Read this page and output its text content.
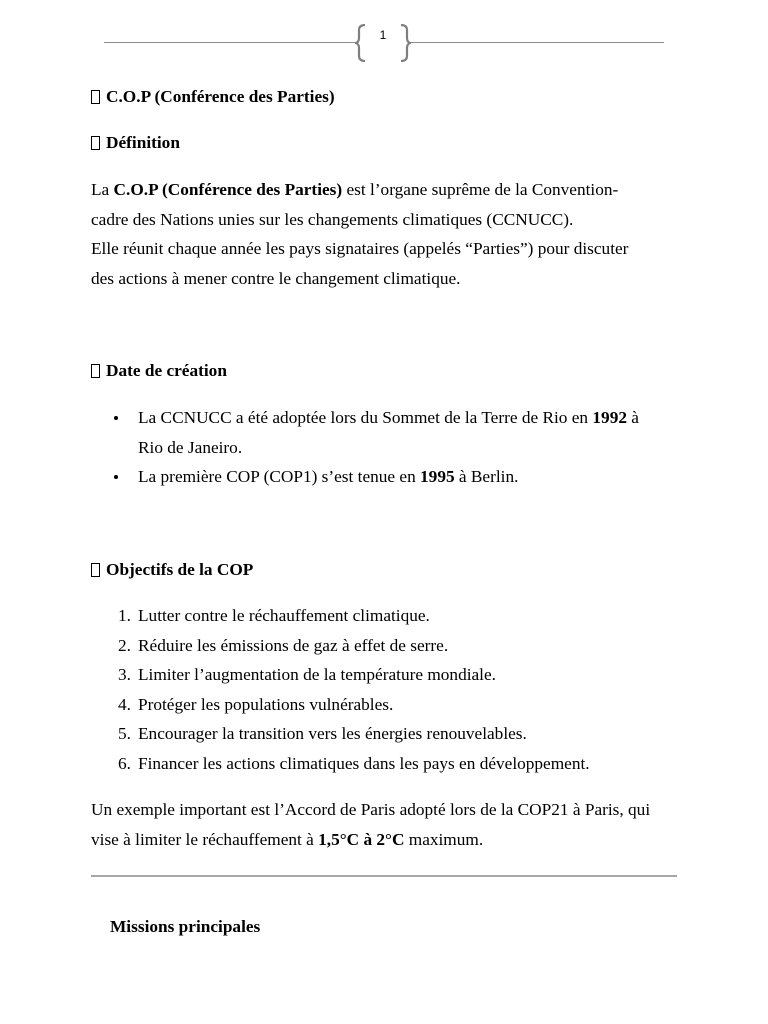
1
C.O.P (Conférence des Parties)
Définition
La C.O.P (Conférence des Parties) est l’organe suprême de la Convention-
cadre des Nations unies sur les changements climatiques (CCNUCC).
Elle réunit chaque année les pays signataires (appelés “Parties”) pour discuter
des actions à mener contre le changement climatique.
Date de création
La CCNUCC a été adoptée lors du Sommet de la Terre de Rio en 1992 à
Rio de Janeiro.
La première COP (COP1) s’est tenue en 1995 à Berlin.
Objectifs de la COP
1. Lutter contre le réchauffement climatique.
2. Réduire les émissions de gaz à effet de serre.
3. Limiter l’augmentation de la température mondiale.
4. Protéger les populations vulnérables.
5. Encourager la transition vers les énergies renouvelables.
6. Financer les actions climatiques dans les pays en développement.
Un exemple important est l’Accord de Paris adopté lors de la COP21 à Paris, qui
vise à limiter le réchauffement à 1,5°C à 2°C maximum.
Missions principales
